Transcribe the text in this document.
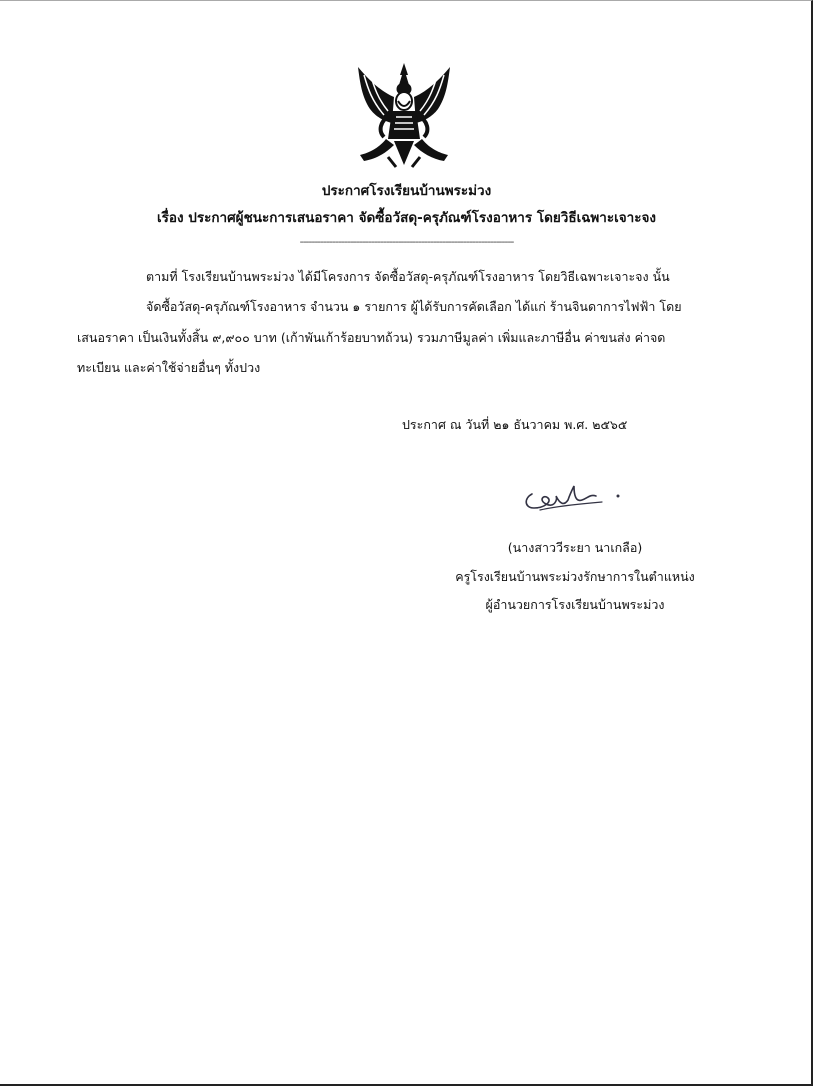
ประกาศโรงเรียนบ้านพระม่วง
เรื่อง ประกาศผู้ชนะการเสนอราคา จัดซื้อวัสดุ-ครุภัณฑ์โรงอาหาร โดยวิธีเฉพาะเจาะจง
------------------------------------------------------------------------
ตามที่ โรงเรียนบ้านพระม่วง ได้มีโครงการ จัดซื้อวัสดุ-ครุภัณฑ์โรงอาหาร โดยวิธีเฉพาะเจาะจง นั้น
จัดซื้อวัสดุ-ครุภัณฑ์โรงอาหาร จำนวน ๑ รายการ ผู้ได้รับการคัดเลือก ได้แก่ ร้านจินดาการไฟฟ้า โดย
เสนอราคา เป็นเงินทั้งสิ้น ๙,๙๐๐ บาท (เก้าพันเก้าร้อยบาทถ้วน) รวมภาษีมูลค่า เพิ่มและภาษีอื่น ค่าขนส่ง ค่าจด
ทะเบียน และค่าใช้จ่ายอื่นๆ ทั้งปวง
ประกาศ ณ วันที่ ๒๑ ธันวาคม พ.ศ. ๒๕๖๕
(นางสาววีระยา นาเกลือ)
ครูโรงเรียนบ้านพระม่วงรักษาการในตำแหน่ง
ผู้อำนวยการโรงเรียนบ้านพระม่วง
